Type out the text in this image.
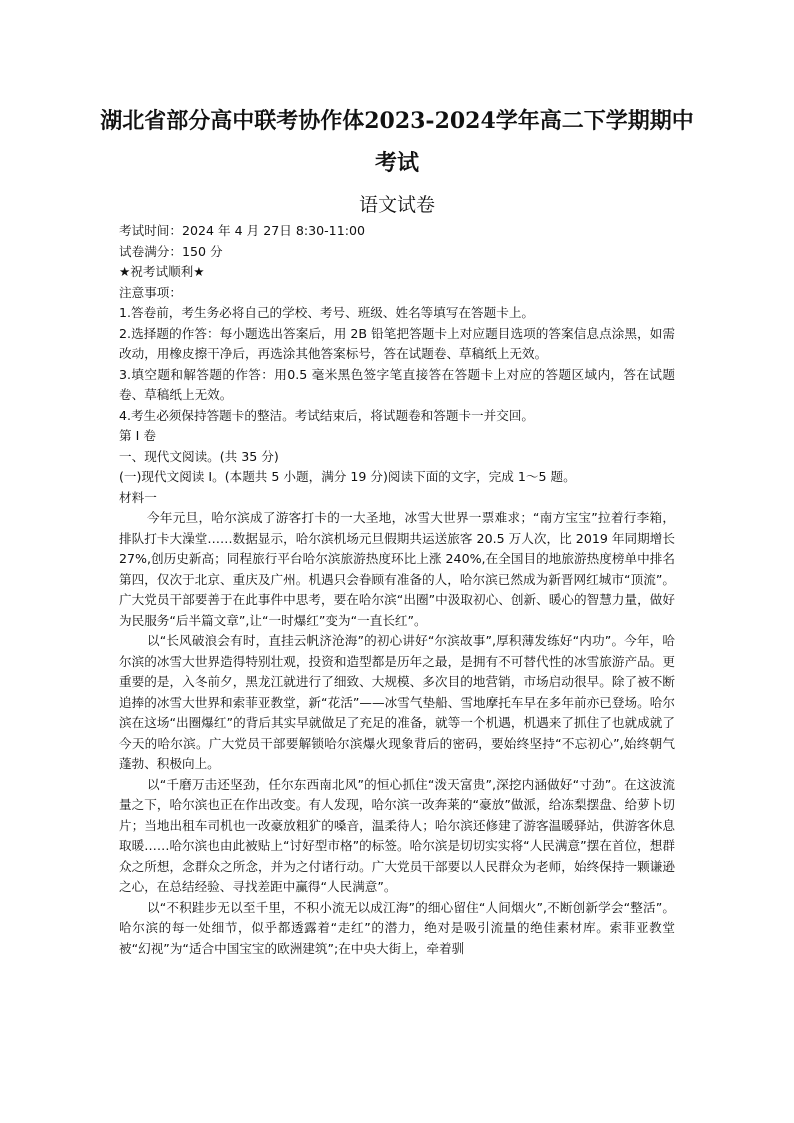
湖北省部分高中联考协作体2023-2024学年高二下学期期中
考试
语文试卷

考试时间：2024 年 4 月 27日 8:30-11:00

试卷满分：150 分

★祝考试顺利★

注意事项：

1.答卷前，考生务必将自己的学校、考号、班级、姓名等填写在答题卡上。

2.选择题的作答：每小题选出答案后，用 2B 铅笔把答题卡上对应题目选项的答案信息点涂黑，如需改动，用橡皮擦干净后，再选涂其他答案标号，答在试题卷、草稿纸上无效。

3.填空题和解答题的作答：用0.5 毫米黑色签字笔直接答在答题卡上对应的答题区域内，答在试题卷、草稿纸上无效。

4.考生必须保持答题卡的整洁。考试结束后，将试题卷和答题卡一并交回。

第 I 卷

一、现代文阅读。(共 35 分)

(一)现代文阅读 I。(本题共 5 小题，满分 19 分)阅读下面的文字，完成 1～5 题。

材料一

今年元旦，哈尔滨成了游客打卡的一大圣地，冰雪大世界一票难求；“南方宝宝”拉着行李箱，排队打卡大澡堂……数据显示，哈尔滨机场元旦假期共运送旅客 20.5 万人次，比 2019 年同期增长 27%,创历史新高；同程旅行平台哈尔滨旅游热度环比上涨 240%,在全国目的地旅游热度榜单中排名第四，仅次于北京、重庆及广州。机遇只会眷顾有准备的人，哈尔滨已然成为新晋网红城市“顶流”。广大党员干部要善于在此事件中思考，要在哈尔滨“出圈”中汲取初心、创新、暖心的智慧力量，做好为民服务“后半篇文章”,让“一时爆红”变为“一直长红”。

以“长风破浪会有时，直挂云帆济沧海”的初心讲好“尔滨故事”,厚积薄发练好“内功”。今年，哈尔滨的冰雪大世界造得特别壮观，投资和造型都是历年之最，是拥有不可替代性的冰雪旅游产品。更重要的是，入冬前夕，黑龙江就进行了细致、大规模、多次目的地营销，市场启动很早。除了被不断追捧的冰雪大世界和索菲亚教堂，新“花活”——冰雪气垫船、雪地摩托车早在多年前亦已登场。哈尔滨在这场“出圈爆红”的背后其实早就做足了充足的准备，就等一个机遇，机遇来了抓住了也就成就了今天的哈尔滨。广大党员干部要解锁哈尔滨爆火现象背后的密码，要始终坚持“不忘初心”,始终朝气蓬勃、积极向上。

以“千磨万击还坚劲，任尔东西南北风”的恒心抓住“泼天富贵”,深挖内涵做好“寸劲”。在这波流量之下，哈尔滨也正在作出改变。有人发现，哈尔滨一改奔莱的“豪放”做派，给冻梨摆盘、给萝卜切片；当地出租车司机也一改豪放粗犷的嗓音，温柔待人；哈尔滨还修建了游客温暖驿站，供游客休息取暖……哈尔滨也由此被贴上“讨好型市格”的标签。哈尔滨是切切实实将“人民满意”摆在首位，想群众之所想，念群众之所念，并为之付诸行动。广大党员干部要以人民群众为老师，始终保持一颗谦逊之心，在总结经验、寻找差距中赢得“人民满意”。

以“不积跬步无以至千里，不积小流无以成江海”的细心留住“人间烟火”,不断创新学会“整活”。哈尔滨的每一处细节，似乎都透露着“走红”的潜力，绝对是吸引流量的绝佳素材库。索菲亚教堂被“幻视”为“适合中国宝宝的欧洲建筑”;在中央大街上，牵着驯
